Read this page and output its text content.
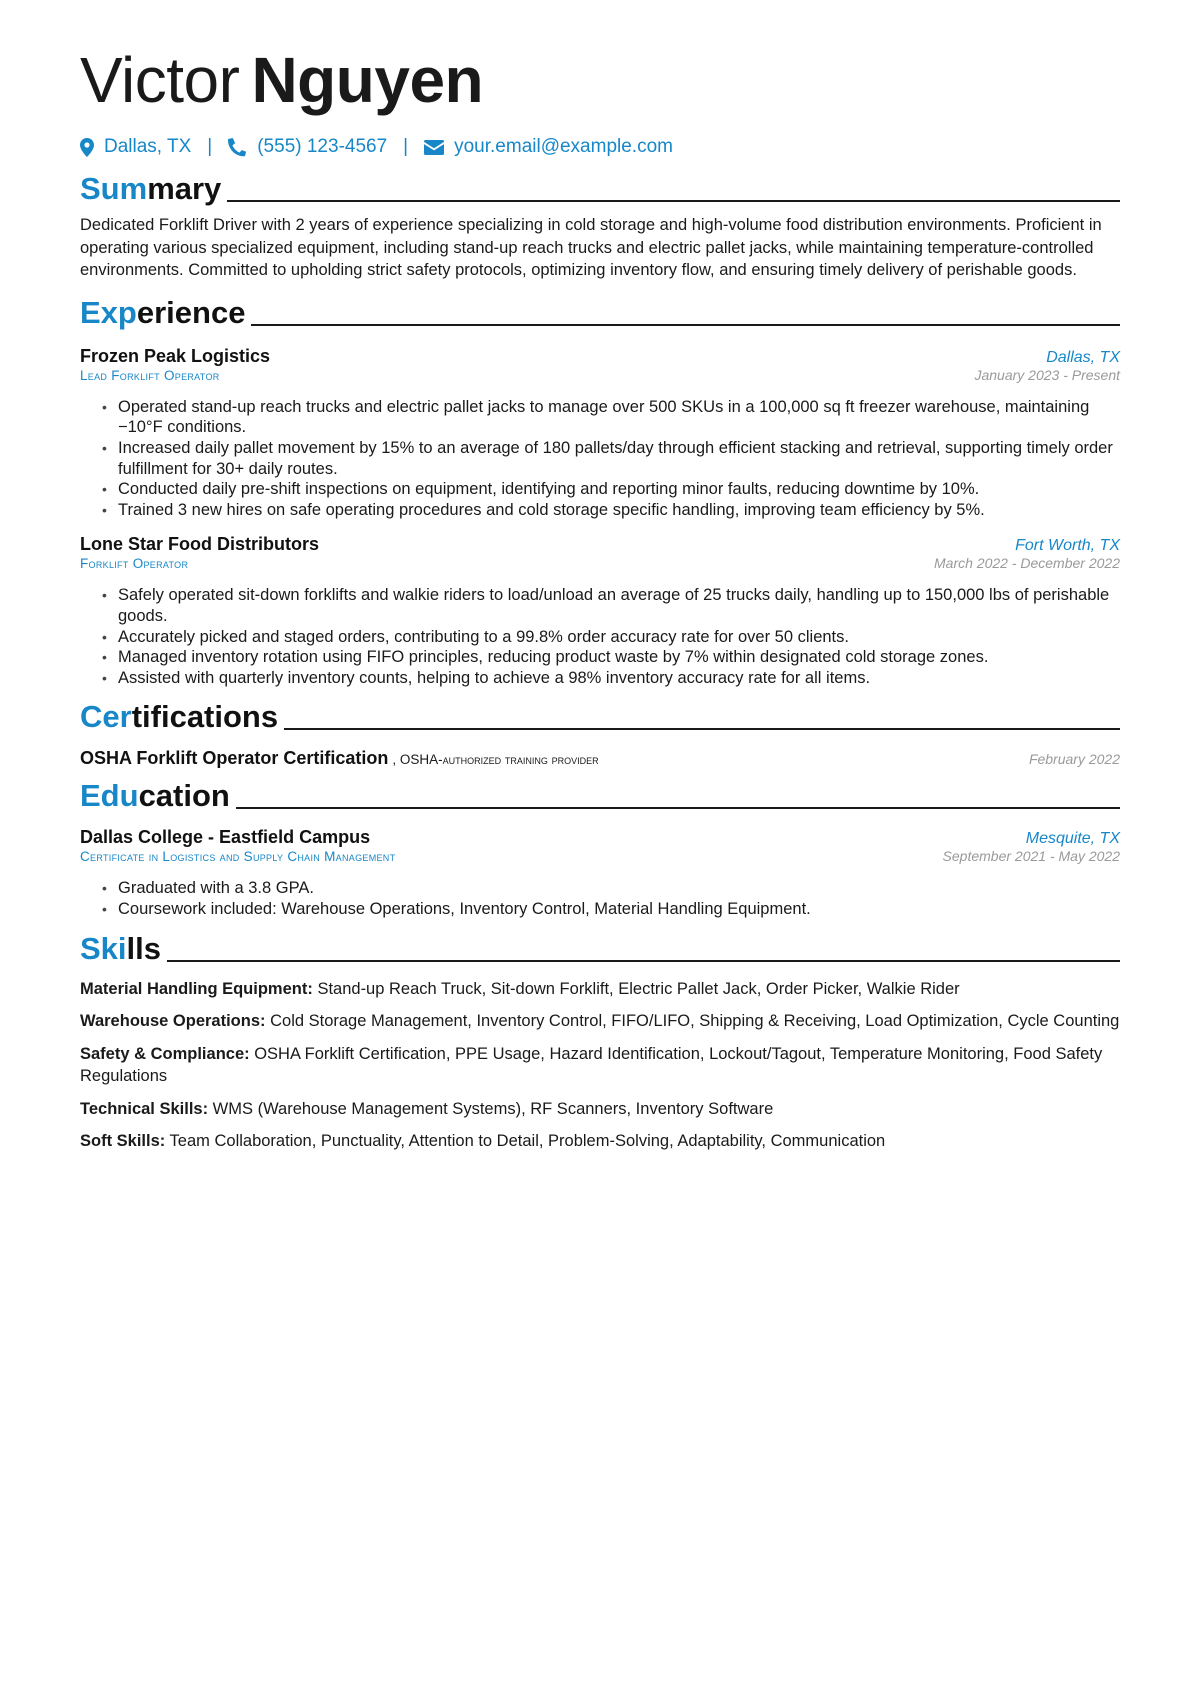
Victor Nguyen
Dallas, TX | (555) 123-4567 | your.email@example.com
Summary

Dedicated Forklift Driver with 2 years of experience specializing in cold storage and high-volume food distribution environments. Proficient in operating various specialized equipment, including stand-up reach trucks and electric pallet jacks, while maintaining temperature-controlled environments. Committed to upholding strict safety protocols, optimizing inventory flow, and ensuring timely delivery of perishable goods.

Experience
Frozen Peak Logistics	Dallas, TX
Lead Forklift Operator	January 2023 - Present
• Operated stand-up reach trucks and electric pallet jacks to manage over 500 SKUs in a 100,000 sq ft freezer warehouse, maintaining −10°F conditions.
• Increased daily pallet movement by 15% to an average of 180 pallets/day through efficient stacking and retrieval, supporting timely order fulfillment for 30+ daily routes.
• Conducted daily pre-shift inspections on equipment, identifying and reporting minor faults, reducing downtime by 10%.
• Trained 3 new hires on safe operating procedures and cold storage specific handling, improving team efficiency by 5%.
Lone Star Food Distributors	Fort Worth, TX
Forklift Operator	March 2022 - December 2022
• Safely operated sit-down forklifts and walkie riders to load/unload an average of 25 trucks daily, handling up to 150,000 lbs of perishable goods.
• Accurately picked and staged orders, contributing to a 99.8% order accuracy rate for over 50 clients.
• Managed inventory rotation using FIFO principles, reducing product waste by 7% within designated cold storage zones.
• Assisted with quarterly inventory counts, helping to achieve a 98% inventory accuracy rate for all items.
Certifications
OSHA Forklift Operator Certification , OSHA-authorized training provider	February 2022
Education
Dallas College - Eastfield Campus	Mesquite, TX
Certificate in Logistics and Supply Chain Management	September 2021 - May 2022
• Graduated with a 3.8 GPA.
• Coursework included: Warehouse Operations, Inventory Control, Material Handling Equipment.
Skills

Material Handling Equipment: Stand-up Reach Truck, Sit-down Forklift, Electric Pallet Jack, Order Picker, Walkie Rider

Warehouse Operations: Cold Storage Management, Inventory Control, FIFO/LIFO, Shipping & Receiving, Load Optimization, Cycle Counting

Safety & Compliance: OSHA Forklift Certification, PPE Usage, Hazard Identification, Lockout/Tagout, Temperature Monitoring, Food Safety Regulations

Technical Skills: WMS (Warehouse Management Systems), RF Scanners, Inventory Software

Soft Skills: Team Collaboration, Punctuality, Attention to Detail, Problem-Solving, Adaptability, Communication
